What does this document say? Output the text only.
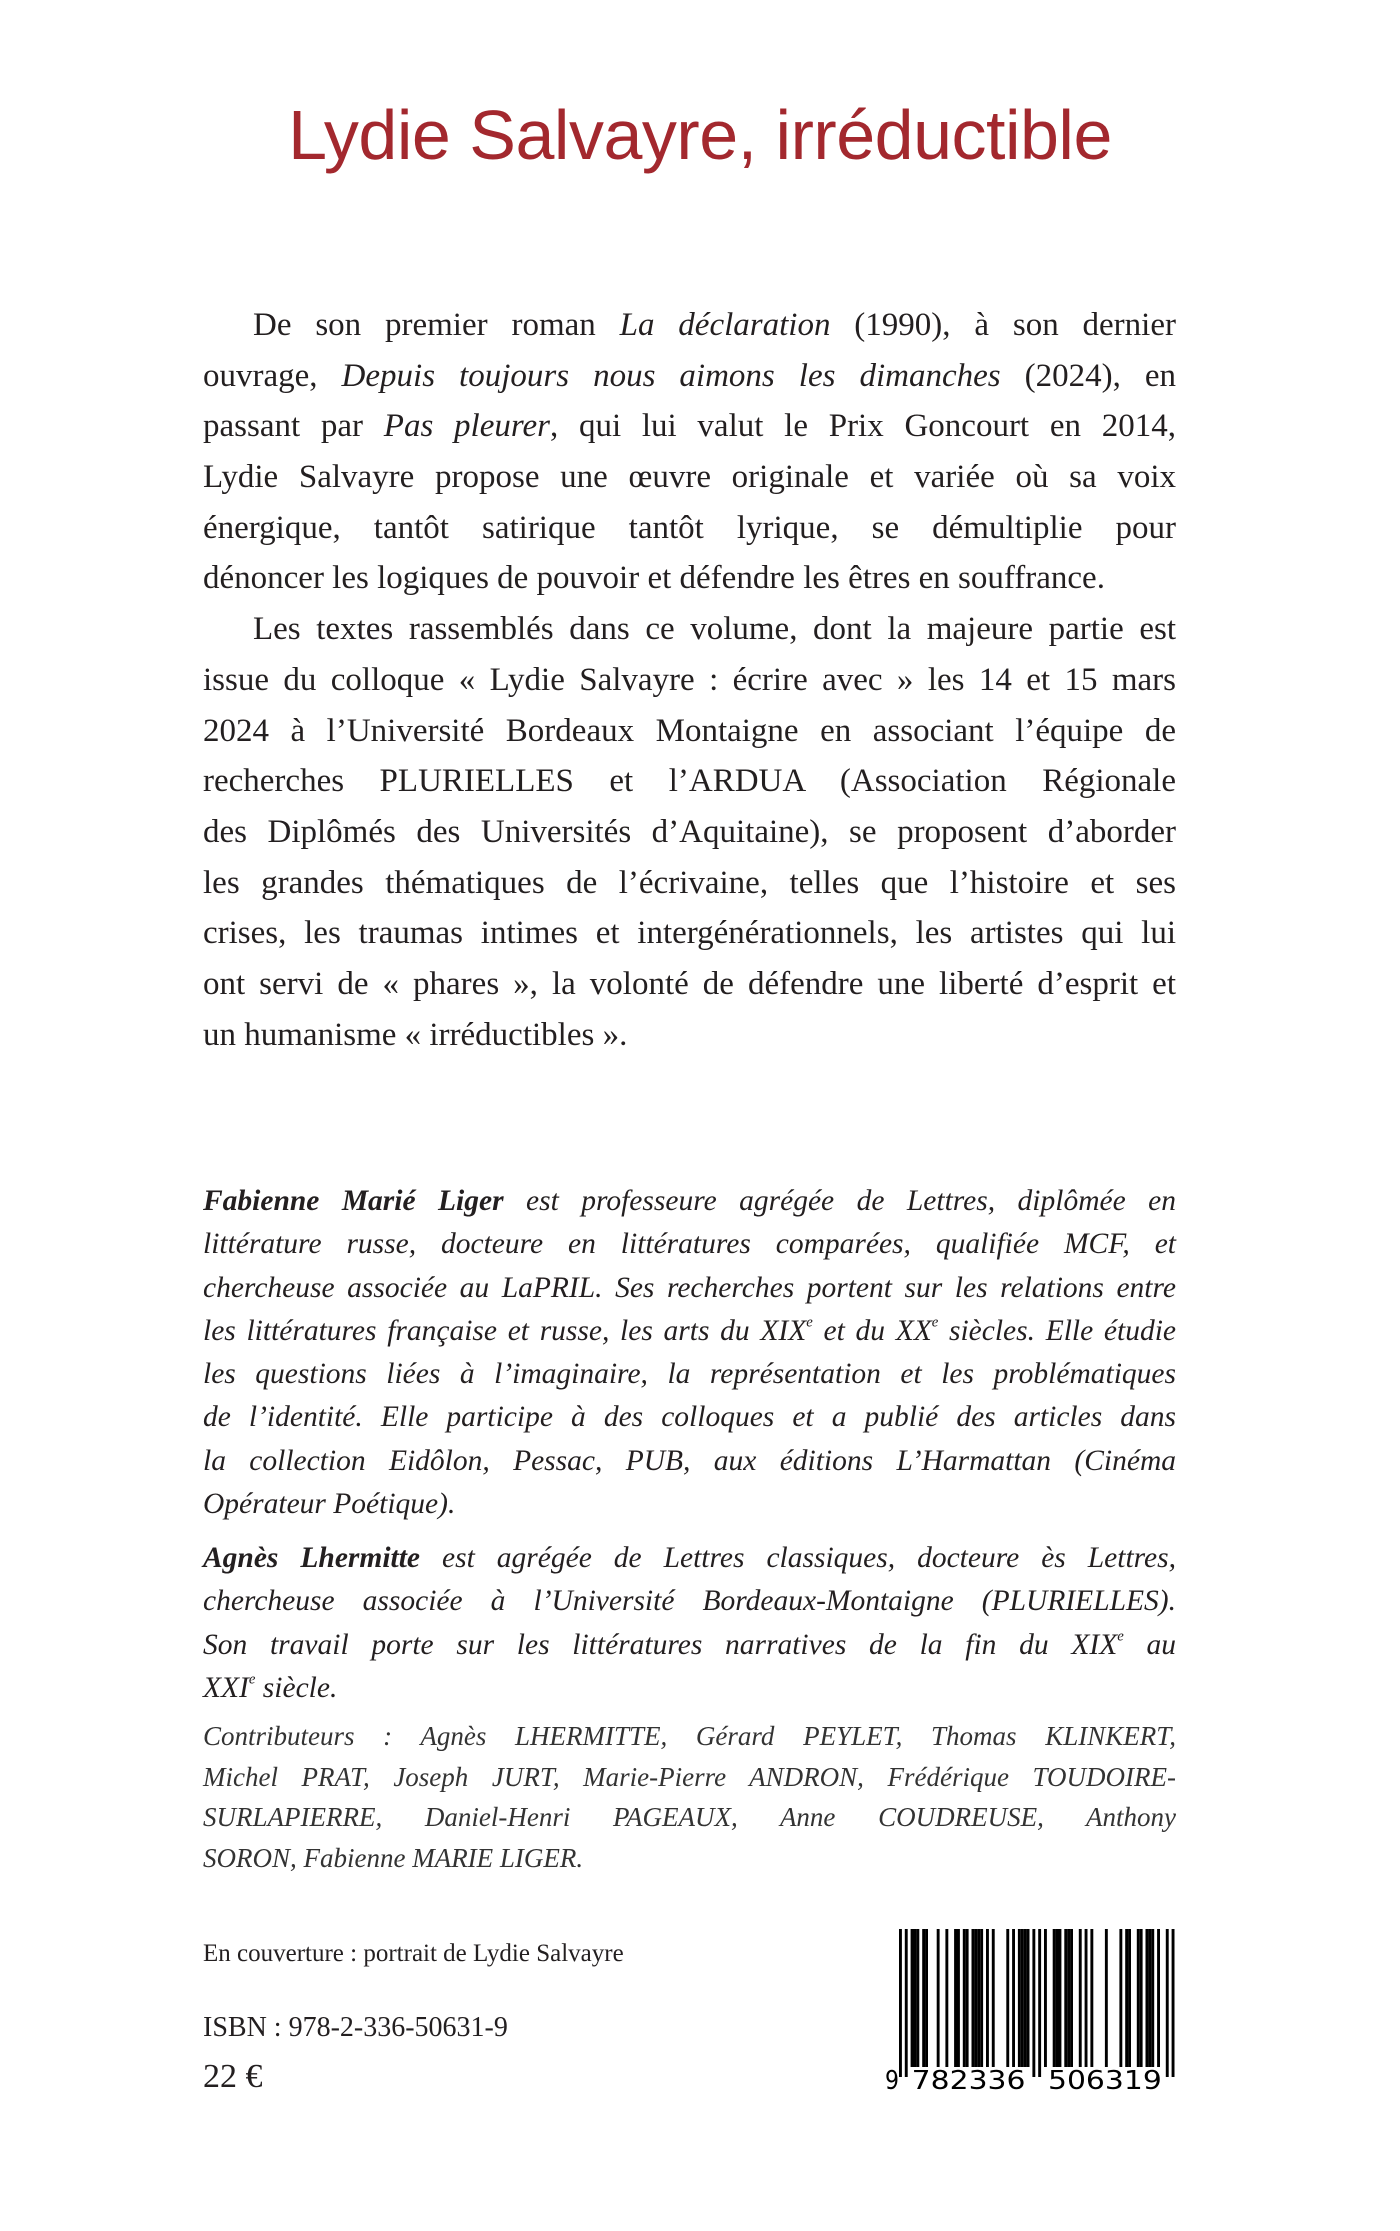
Lydie Salvayre, irréductible
De son premier roman La déclaration (1990), à son dernier
ouvrage, Depuis toujours nous aimons les dimanches (2024), en
passant par Pas pleurer, qui lui valut le Prix Goncourt en 2014,
Lydie Salvayre propose une œuvre originale et variée où sa voix
énergique, tantôt satirique tantôt lyrique, se démultiplie pour
dénoncer les logiques de pouvoir et défendre les êtres en souffrance.
Les textes rassemblés dans ce volume, dont la majeure partie est
issue du colloque « Lydie Salvayre : écrire avec » les 14 et 15 mars
2024 à l’Université Bordeaux Montaigne en associant l’équipe de
recherches PLURIELLES et l’ARDUA (Association Régionale
des Diplômés des Universités d’Aquitaine), se proposent d’aborder
les grandes thématiques de l’écrivaine, telles que l’histoire et ses
crises, les traumas intimes et intergénérationnels, les artistes qui lui
ont servi de « phares », la volonté de défendre une liberté d’esprit et
un humanisme « irréductibles ».
Fabienne Marié Liger est professeure agrégée de Lettres, diplômée en
littérature russe, docteure en littératures comparées, qualifiée MCF, et
chercheuse associée au LaPRIL. Ses recherches portent sur les relations entre
les littératures française et russe, les arts du XIXe et du XXe siècles. Elle étudie
les questions liées à l’imaginaire, la représentation et les problématiques
de l’identité. Elle participe à des colloques et a publié des articles dans
la collection Eidôlon, Pessac, PUB, aux éditions L’Harmattan (Cinéma
Opérateur Poétique).
Agnès Lhermitte est agrégée de Lettres classiques, docteure ès Lettres,
chercheuse associée à l’Université Bordeaux-Montaigne (PLURIELLES).
Son travail porte sur les littératures narratives de la fin du XIXe au
XXIe siècle.
Contributeurs : Agnès LHERMITTE, Gérard PEYLET, Thomas KLINKERT,
Michel PRAT, Joseph JURT, Marie-Pierre ANDRON, Frédérique TOUDOIRE-
SURLAPIERRE, Daniel-Henri PAGEAUX, Anne COUDREUSE, Anthony
SORON, Fabienne MARIE LIGER.
En couverture : portrait de Lydie Salvayre
ISBN : 978-2-336-50631-9
22 €	9 782336 506319
